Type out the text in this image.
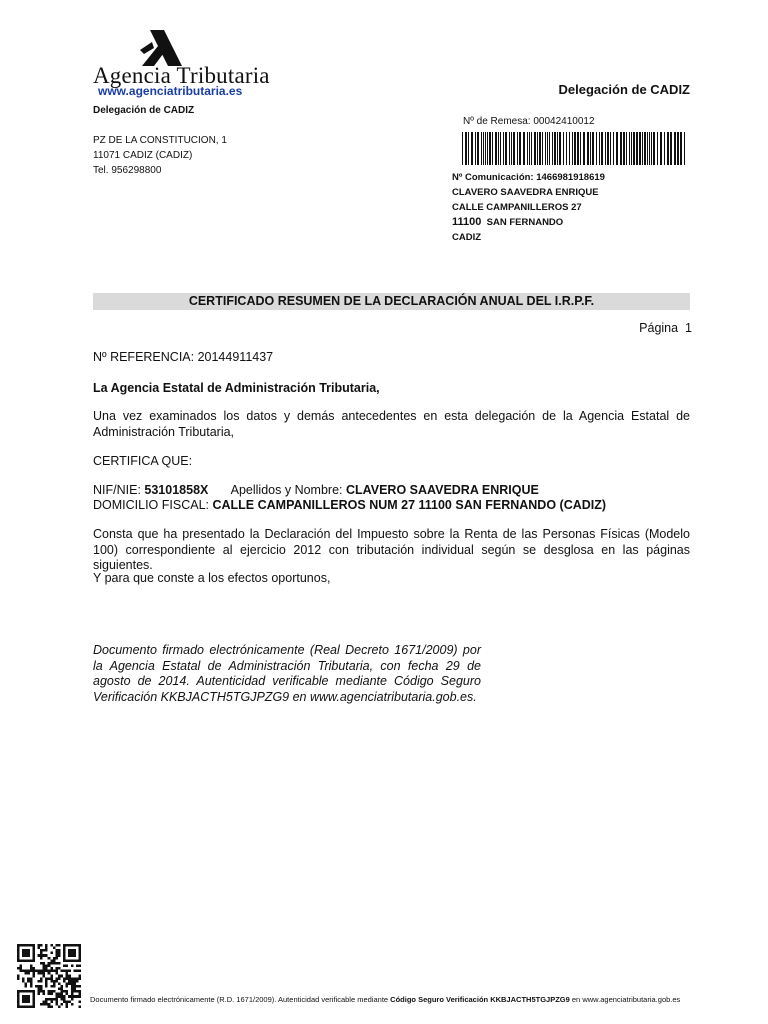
Agencia Tributaria
www.agenciatributaria.es	Delegación de CADIZ
Delegación de CADIZ
PZ DE LA CONSTITUCION, 1
11071 CADIZ (CADIZ)
Tel. 956298800
Nº de Remesa: 00042410012
Nº Comunicación: 1466981918619
CLAVERO SAAVEDRA ENRIQUE
CALLE CAMPANILLEROS 27
11100 SAN FERNANDO
CADIZ
CERTIFICADO RESUMEN DE LA DECLARACIÓN ANUAL DEL I.R.P.F.
Página 1
Nº REFERENCIA: 20144911437
La Agencia Estatal de Administración Tributaria,
Una vez examinados los datos y demás antecedentes en esta delegación de la Agencia Estatal de Administración Tributaria,
CERTIFICA QUE:
NIF/NIE: 53101858X Apellidos y Nombre: CLAVERO SAAVEDRA ENRIQUE
DOMICILIO FISCAL: CALLE CAMPANILLEROS NUM 27 11100 SAN FERNANDO (CADIZ)
Consta que ha presentado la Declaración del Impuesto sobre la Renta de las Personas Físicas (Modelo 100) correspondiente al ejercicio 2012 con tributación individual según se desglosa en las páginas siguientes.
Y para que conste a los efectos oportunos,
Documento firmado electrónicamente (Real Decreto 1671/2009) por la Agencia Estatal de Administración Tributaria, con fecha 29 de agosto de 2014. Autenticidad verificable mediante Código Seguro Verificación KKBJACTH5TGJPZG9 en www.agenciatributaria.gob.es.
Documento firmado electrónicamente (R.D. 1671/2009). Autenticidad verificable mediante Código Seguro Verificación KKBJACTH5TGJPZG9 en www.agenciatributaria.gob.es
